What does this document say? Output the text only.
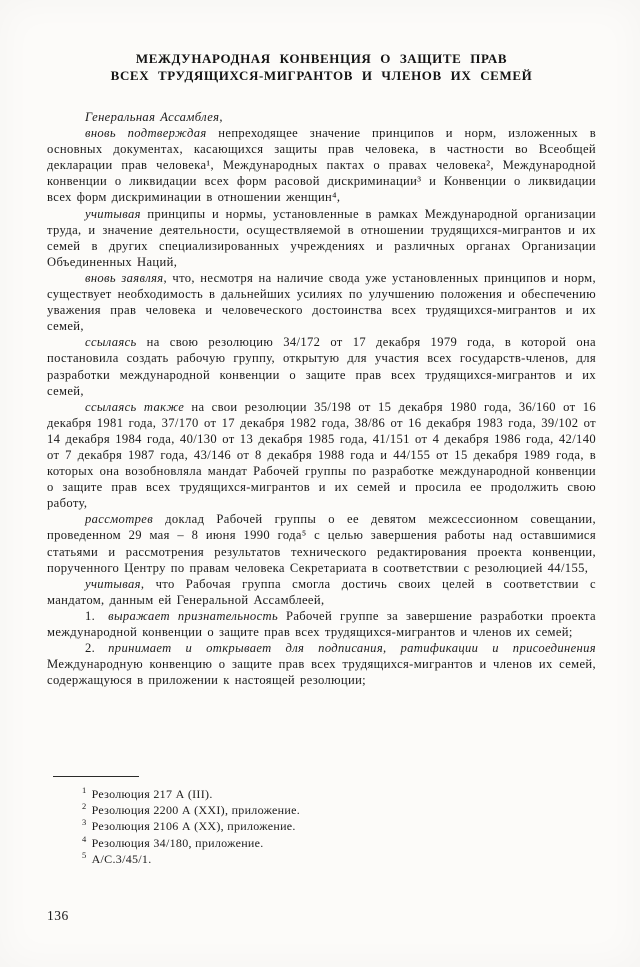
МЕЖДУНАРОДНАЯ КОНВЕНЦИЯ О ЗАЩИТЕ ПРАВ
ВСЕХ ТРУДЯЩИХСЯ-МИГРАНТОВ И ЧЛЕНОВ ИХ СЕМЕЙ

Генеральная Ассамблея,

вновь подтверждая непреходящее значение принципов и норм, изложенных в основных документах, касающихся защиты прав человека, в частности во Всеобщей декларации прав человека¹, Международных пактах о правах человека², Международной конвенции о ликвидации всех форм расовой дискриминации³ и Конвенции о ликвидации всех форм дискриминации в отношении женщин⁴,

учитывая принципы и нормы, установленные в рамках Международной организации труда, и значение деятельности, осуществляемой в отношении трудящихся-мигрантов и их семей в других специализированных учреждениях и различных органах Организации Объединенных Наций,

вновь заявляя, что, несмотря на наличие свода уже установленных принципов и норм, существует необходимость в дальнейших усилиях по улучшению положения и обеспечению уважения прав человека и человеческого достоинства всех трудящихся-мигрантов и их семей,

ссылаясь на свою резолюцию 34/172 от 17 декабря 1979 года, в которой она постановила создать рабочую группу, открытую для участия всех государств-членов, для разработки международной конвенции о защите прав всех трудящихся-мигрантов и их семей,

ссылаясь также на свои резолюции 35/198 от 15 декабря 1980 года, 36/160 от 16 декабря 1981 года, 37/170 от 17 декабря 1982 года, 38/86 от 16 декабря 1983 года, 39/102 от 14 декабря 1984 года, 40/130 от 13 декабря 1985 года, 41/151 от 4 декабря 1986 года, 42/140 от 7 декабря 1987 года, 43/146 от 8 декабря 1988 года и 44/155 от 15 декабря 1989 года, в которых она возобновляла мандат Рабочей группы по разработке международной конвенции о защите прав всех трудящихся-мигрантов и их семей и просила ее продолжить свою работу,

рассмотрев доклад Рабочей группы о ее девятом межсессионном совещании, проведенном 29 мая – 8 июня 1990 года⁵ с целью завершения работы над оставшимися статьями и рассмотрения результатов технического редактирования проекта конвенции, порученного Центру по правам человека Секретариата в соответствии с резолюцией 44/155,

учитывая, что Рабочая группа смогла достичь своих целей в соответствии с мандатом, данным ей Генеральной Ассамблеей,

1. выражает признательность Рабочей группе за завершение разработки проекта международной конвенции о защите прав всех трудящихся-мигрантов и членов их семей;

2. принимает и открывает для подписания, ратификации и присоединения Международную конвенцию о защите прав всех трудящихся-мигрантов и членов их семей, содержащуюся в приложении к настоящей резолюции;

$^1$ Резолюция 217 А (III).

$^2$ Резолюция 2200 А (XXI), приложение.

$^3$ Резолюция 2106 А (XX), приложение.

$^4$ Резолюция 34/180, приложение.

$^5$ A/C.3/45/1.

136
